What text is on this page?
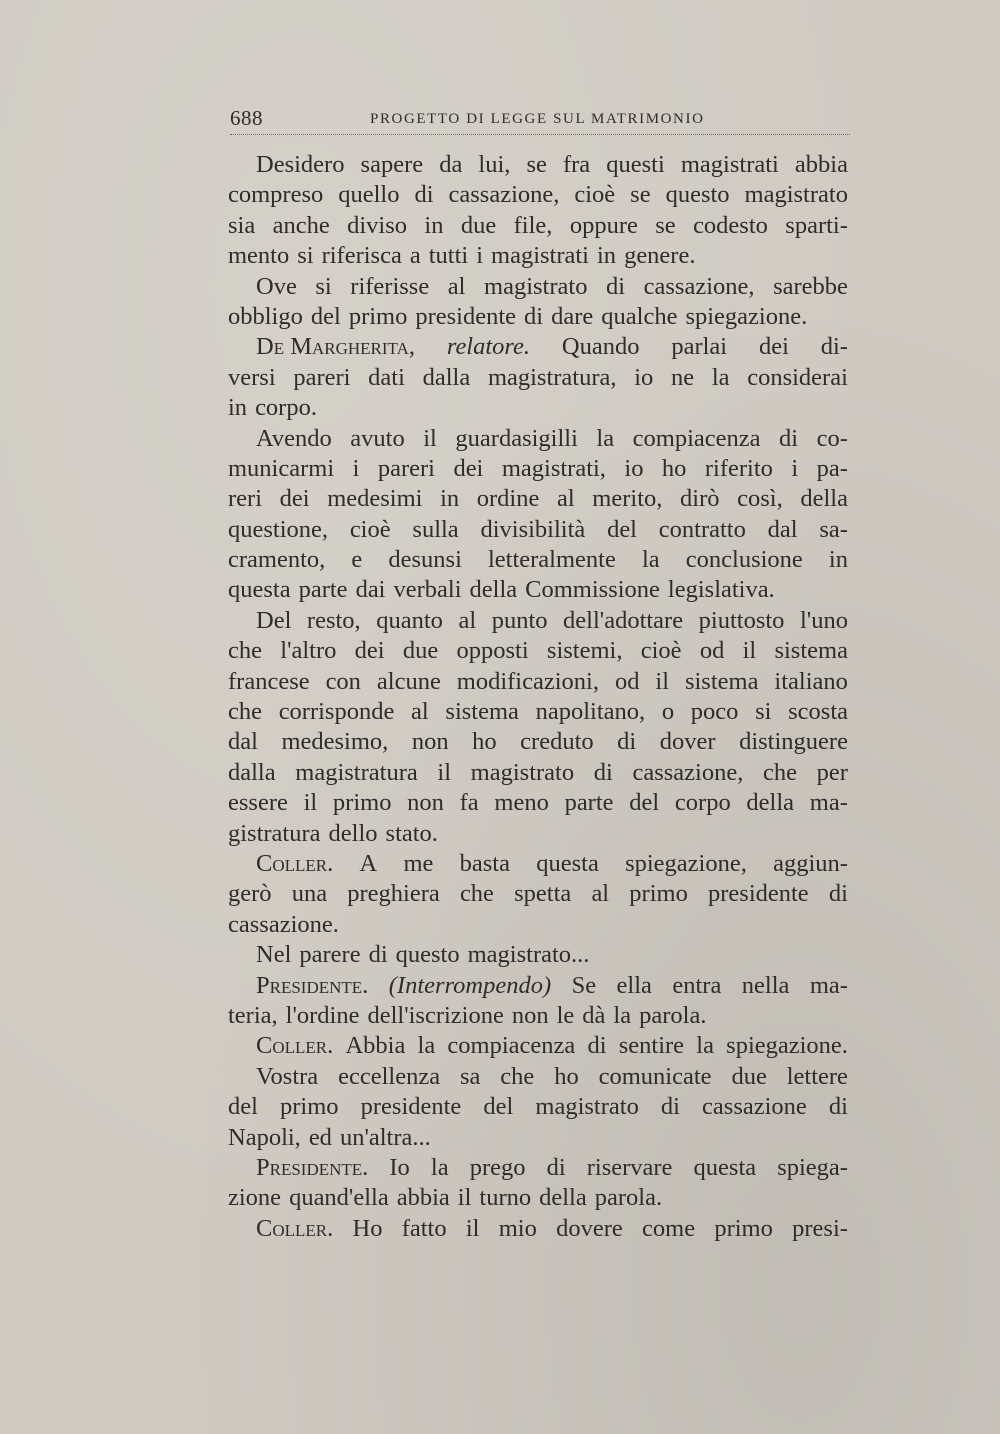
688	PROGETTO DI LEGGE SUL MATRIMONIO
Desidero sapere da lui, se fra questi magistrati abbia
compreso quello di cassazione, cioè se questo magistrato
sia anche diviso in due file, oppure se codesto sparti-
mento si riferisca a tutti i magistrati in genere.
Ove si riferisse al magistrato di cassazione, sarebbe
obbligo del primo presidente di dare qualche spiegazione.
De Margherita, relatore. Quando parlai dei di-
versi pareri dati dalla magistratura, io ne la considerai
in corpo.
Avendo avuto il guardasigilli la compiacenza di co-
municarmi i pareri dei magistrati, io ho riferito i pa-
reri dei medesimi in ordine al merito, dirò così, della
questione, cioè sulla divisibilità del contratto dal sa-
cramento, e desunsi letteralmente la conclusione in
questa parte dai verbali della Commissione legislativa.
Del resto, quanto al punto dell'adottare piuttosto l'uno
che l'altro dei due opposti sistemi, cioè od il sistema
francese con alcune modificazioni, od il sistema italiano
che corrisponde al sistema napolitano, o poco si scosta
dal medesimo, non ho creduto di dover distinguere
dalla magistratura il magistrato di cassazione, che per
essere il primo non fa meno parte del corpo della ma-
gistratura dello stato.
Coller. A me basta questa spiegazione, aggiun-
gerò una preghiera che spetta al primo presidente di
cassazione.
Nel parere di questo magistrato...
Presidente. (Interrompendo) Se ella entra nella ma-
teria, l'ordine dell'iscrizione non le dà la parola.
Coller. Abbia la compiacenza di sentire la spiegazione.
Vostra eccellenza sa che ho comunicate due lettere
del primo presidente del magistrato di cassazione di
Napoli, ed un'altra...
Presidente. Io la prego di riservare questa spiega-
zione quand'ella abbia il turno della parola.
Coller. Ho fatto il mio dovere come primo presi-
